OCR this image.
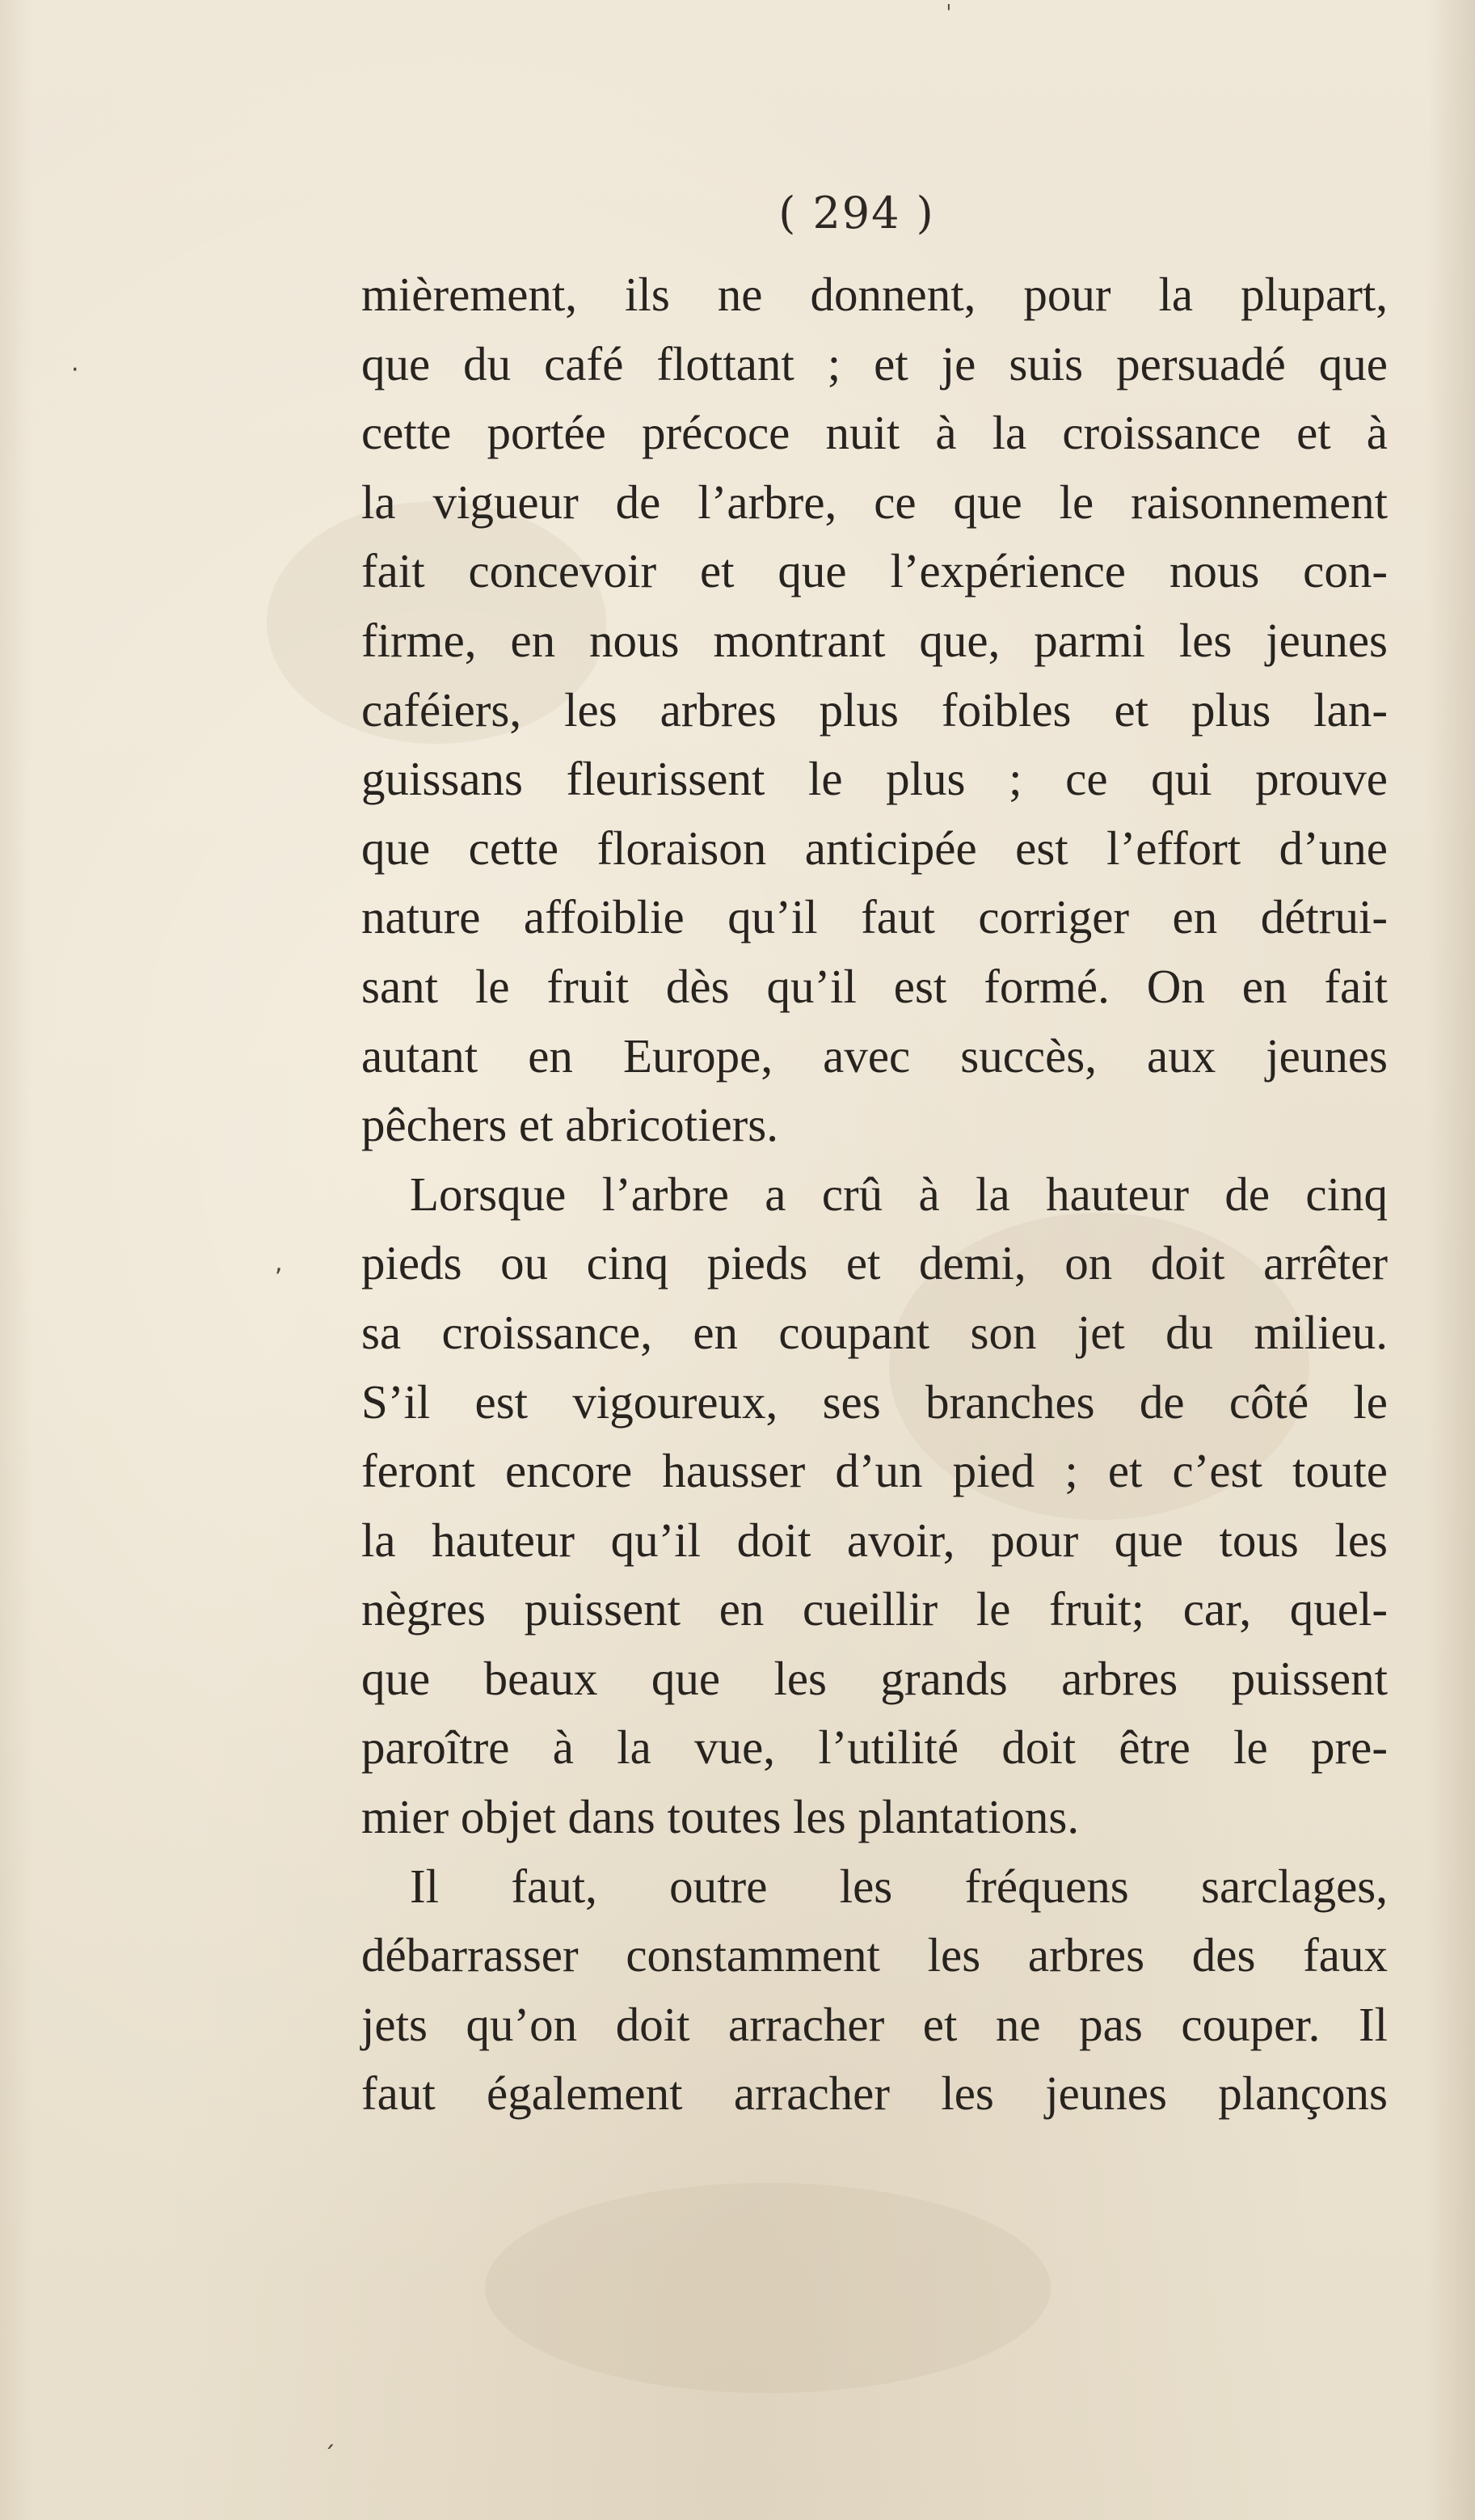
ˈ
·
,
ˏ
( 294 )
mièrement, ils ne donnent, pour la plupart,
que du café flottant ; et je suis persuadé que
cette portée précoce nuit à la croissance et à
la vigueur de l’arbre, ce que le raisonnement
fait concevoir et que l’expérience nous con-
firme, en nous montrant que, parmi les jeunes
caféiers, les arbres plus foibles et plus lan-
guissans fleurissent le plus ; ce qui prouve
que cette floraison anticipée est l’effort d’une
nature affoiblie qu’il faut corriger en détrui-
sant le fruit dès qu’il est formé. On en fait
autant en Europe, avec succès, aux jeunes
pêchers et abricotiers.
Lorsque l’arbre a crû à la hauteur de cinq
pieds ou cinq pieds et demi, on doit arrêter
sa croissance, en coupant son jet du milieu.
S’il est vigoureux, ses branches de côté le
feront encore hausser d’un pied ; et c’est toute
la hauteur qu’il doit avoir, pour que tous les
nègres puissent en cueillir le fruit; car, quel-
que beaux que les grands arbres puissent
paroître à la vue, l’utilité doit être le pre-
mier objet dans toutes les plantations.
Il faut, outre les fréquens sarclages,
débarrasser constamment les arbres des faux
jets qu’on doit arracher et ne pas couper. Il
faut également arracher les jeunes plançons
